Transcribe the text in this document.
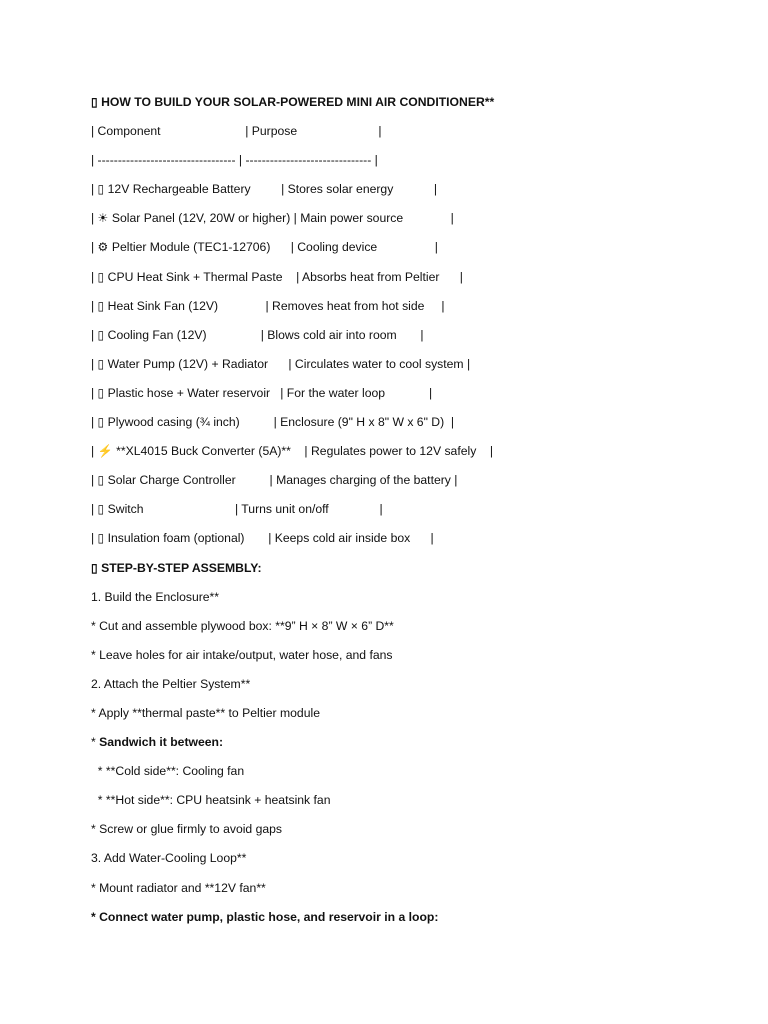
▯ HOW TO BUILD YOUR SOLAR-POWERED MINI AIR CONDITIONER**
| Component                         | Purpose                        |
| ---------------------------------- | ------------------------------- |
| ▯ 12V Rechargeable Battery         | Stores solar energy            |
| ☀ Solar Panel (12V, 20W or higher) | Main power source              |
| ⚙ Peltier Module (TEC1-12706)      | Cooling device                 |
| ▯ CPU Heat Sink + Thermal Paste    | Absorbs heat from Peltier      |
| ▯ Heat Sink Fan (12V)              | Removes heat from hot side     |
| ▯ Cooling Fan (12V)                | Blows cold air into room       |
| ▯ Water Pump (12V) + Radiator      | Circulates water to cool system |
| ▯ Plastic hose + Water reservoir   | For the water loop             |
| ▯ Plywood casing (¾ inch)          | Enclosure (9" H x 8" W x 6" D)  |
| ⚡ **XL4015 Buck Converter (5A)**    | Regulates power to 12V safely    |
| ▯ Solar Charge Controller          | Manages charging of the battery |
| ▯ Switch                           | Turns unit on/off               |
| ▯ Insulation foam (optional)       | Keeps cold air inside box      |
▯ STEP-BY-STEP ASSEMBLY:
1. Build the Enclosure**
* Cut and assemble plywood box: **9” H × 8” W × 6” D**
* Leave holes for air intake/output, water hose, and fans
2. Attach the Peltier System**
* Apply **thermal paste** to Peltier module
* Sandwich it between:
* **Cold side**: Cooling fan
* **Hot side**: CPU heatsink + heatsink fan
* Screw or glue firmly to avoid gaps
3. Add Water-Cooling Loop**
* Mount radiator and **12V fan**
* Connect water pump, plastic hose, and reservoir in a loop:
